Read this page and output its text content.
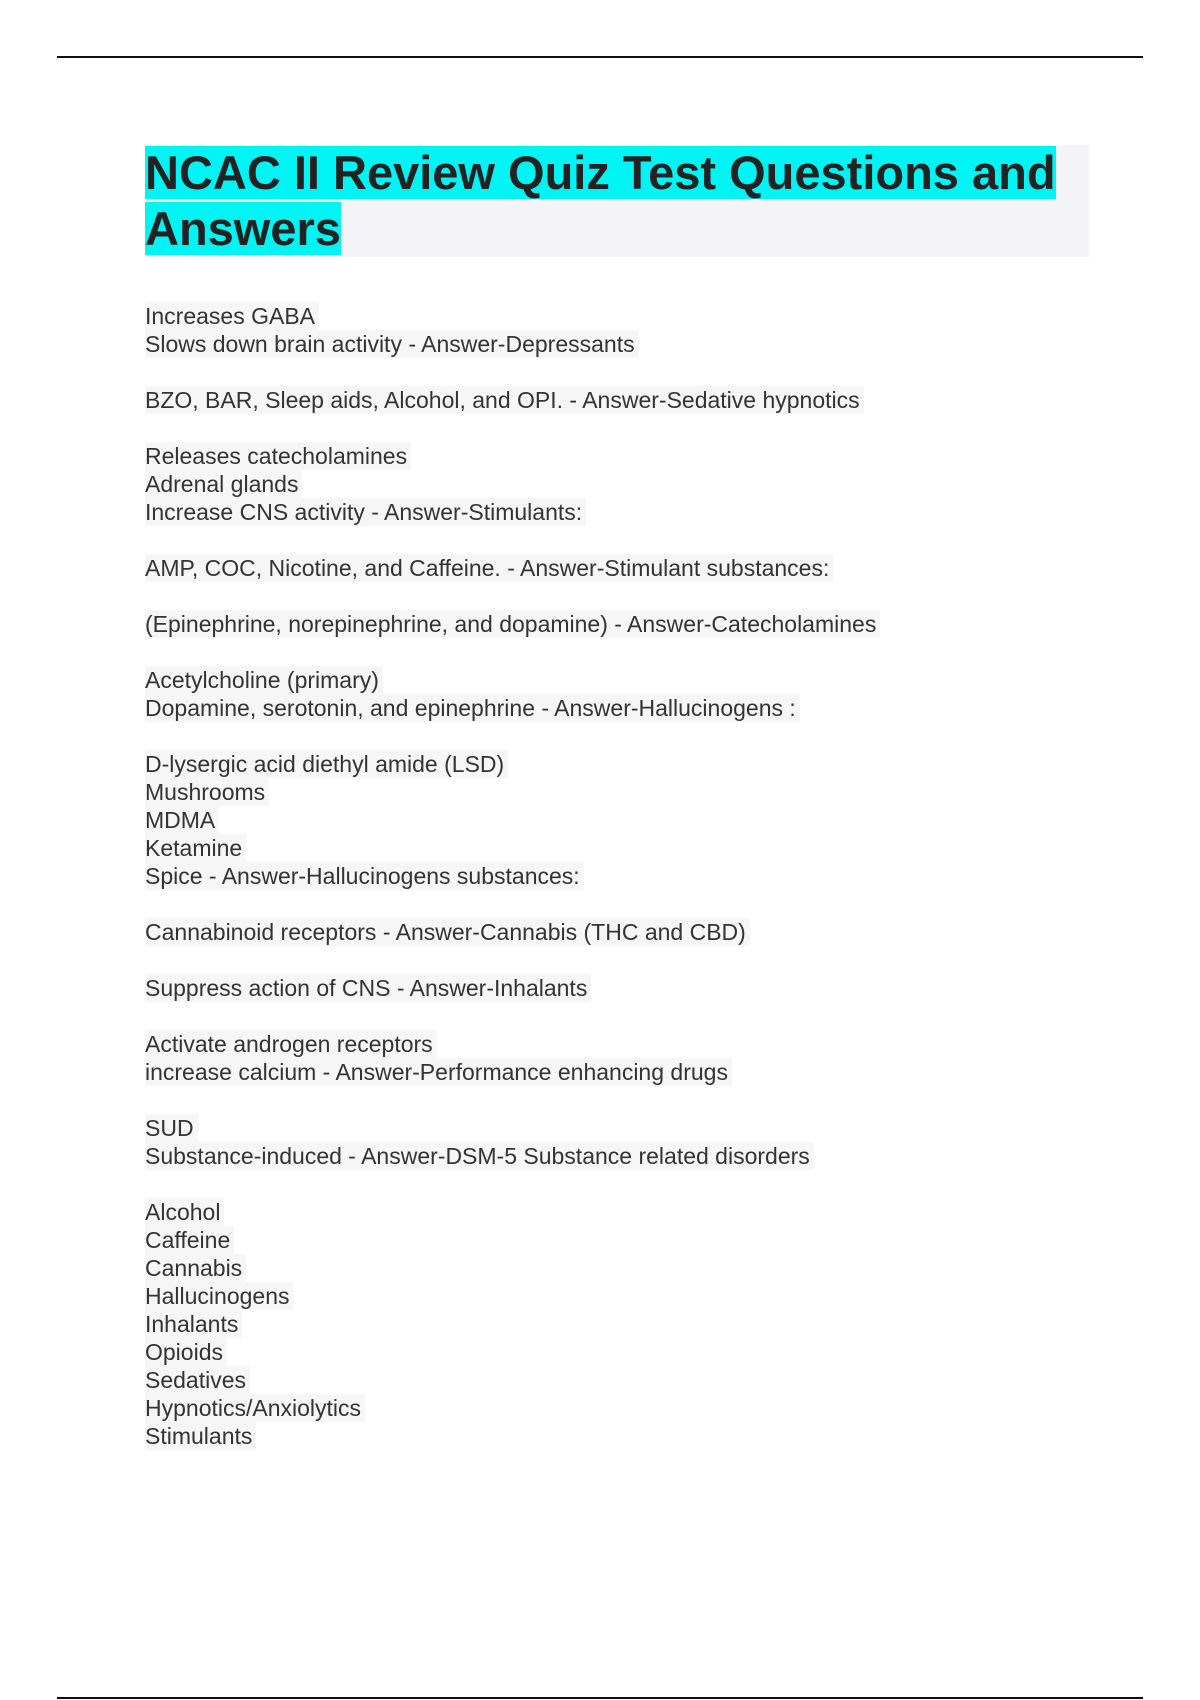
NCAC II Review Quiz Test Questions and Answers
Increases GABA
Slows down brain activity - Answer-Depressants
BZO, BAR, Sleep aids, Alcohol, and OPI. - Answer-Sedative hypnotics
Releases catecholamines
Adrenal glands
Increase CNS activity - Answer-Stimulants:
AMP, COC, Nicotine, and Caffeine. - Answer-Stimulant substances:
(Epinephrine, norepinephrine, and dopamine) - Answer-Catecholamines
Acetylcholine (primary)
Dopamine, serotonin, and epinephrine - Answer-Hallucinogens :
D-lysergic acid diethyl amide (LSD)
Mushrooms
MDMA
Ketamine
Spice - Answer-Hallucinogens substances:
Cannabinoid receptors - Answer-Cannabis (THC and CBD)
Suppress action of CNS - Answer-Inhalants
Activate androgen receptors
increase calcium - Answer-Performance enhancing drugs
SUD
Substance-induced - Answer-DSM-5 Substance related disorders
Alcohol
Caffeine
Cannabis
Hallucinogens
Inhalants
Opioids
Sedatives
Hypnotics/Anxiolytics
Stimulants
